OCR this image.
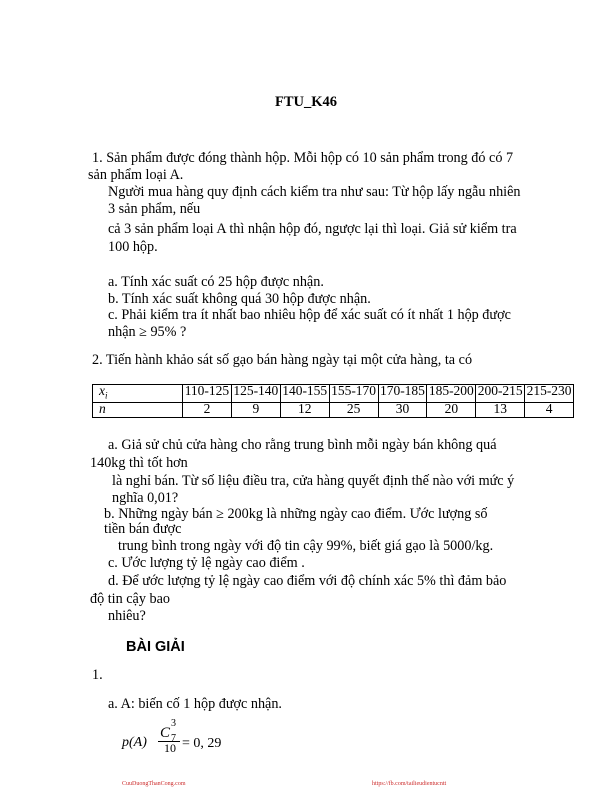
FTU_K46
1. Sản phẩm được đóng thành hộp. Mỗi hộp có 10 sản phẩm trong đó có 7
sản phẩm loại A.
Người mua hàng quy định cách kiểm tra như sau: Từ hộp lấy ngẫu nhiên
3 sản phẩm, nếu
cả 3 sản phẩm loại A thì nhận hộp đó, ngược lại thì loại. Giả sử kiểm tra
100 hộp.
a. Tính xác suất có 25 hộp được nhận.
b. Tính xác suất không quá 30 hộp được nhận.
c. Phải kiểm tra ít nhất bao nhiêu hộp để xác suất có ít nhất 1 hộp được
nhận ≥ 95% ?
2. Tiến hành khảo sát số gạo bán hàng ngày tại một cửa hàng, ta có
$x_i$	110-125	125-140	140-155	155-170	170-185	185-200	200-215	215-230

n	2	9	12	25	30	20	13	4
a. Giả sử chủ cửa hàng cho rằng trung bình mỗi ngày bán không quá
140kg thì tốt hơn
là nghỉ bán. Từ số liệu điều tra, cửa hàng quyết định thế nào với mức ý
nghĩa 0,01?
b. Những ngày bán ≥ 200kg là những ngày cao điểm. Ước lượng số
tiền bán được
trung bình trong ngày với độ tin cậy 99%, biết giá gạo là 5000/kg.
c. Ước lượng tỷ lệ ngày cao điểm .
d. Để ước lượng tỷ lệ ngày cao điểm với độ chính xác 5% thì đảm bảo
độ tin cậy bao
nhiêu?
BÀI GIẢI
1.
a. A: biến cố 1 hộp được nhận.
p(A)
C
3
7
10 = 0, 29
CuuDuongThanCong.com	https://fb.com/tailieudientucntt
